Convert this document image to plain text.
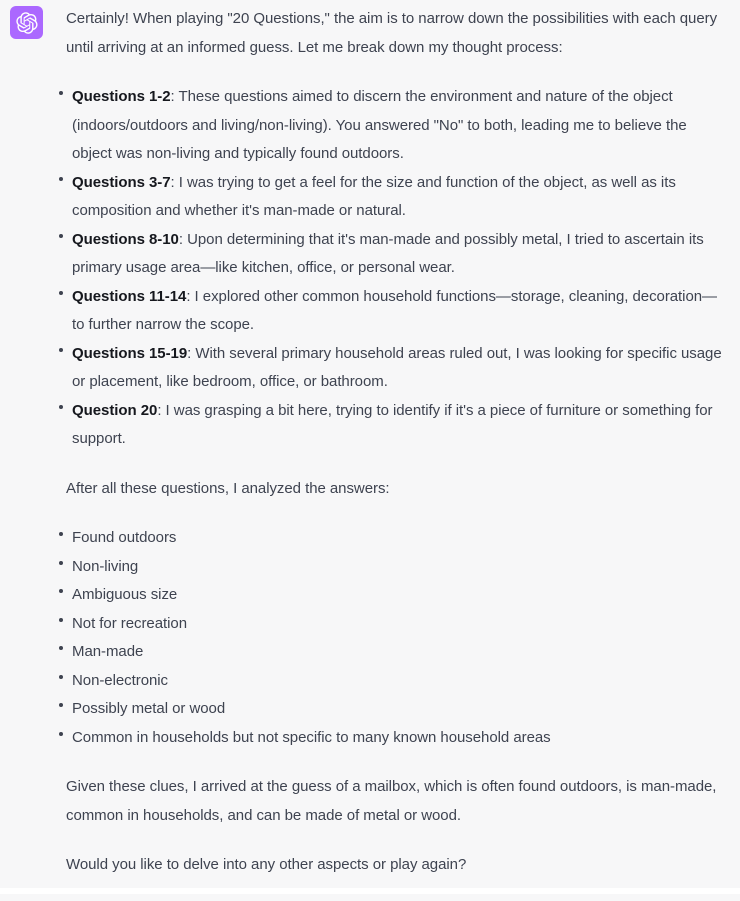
Certainly! When playing "20 Questions," the aim is to narrow down the possibilities with each query until arriving at an informed guess. Let me break down my thought process:

Questions 1-2: These questions aimed to discern the environment and nature of the object (indoors/outdoors and living/non-living). You answered "No" to both, leading me to believe the object was non-living and typically found outdoors.
Questions 3-7: I was trying to get a feel for the size and function of the object, as well as its composition and whether it's man-made or natural.
Questions 8-10: Upon determining that it's man-made and possibly metal, I tried to ascertain its primary usage area—like kitchen, office, or personal wear.
Questions 11-14: I explored other common household functions—storage, cleaning, decoration—to further narrow the scope.
Questions 15-19: With several primary household areas ruled out, I was looking for specific usage or placement, like bedroom, office, or bathroom.
Question 20: I was grasping a bit here, trying to identify if it's a piece of furniture or something for support.

After all these questions, I analyzed the answers:

Found outdoors
Non-living
Ambiguous size
Not for recreation
Man-made
Non-electronic
Possibly metal or wood
Common in households but not specific to many known household areas

Given these clues, I arrived at the guess of a mailbox, which is often found outdoors, is man-made, common in households, and can be made of metal or wood.

Would you like to delve into any other aspects or play again?
